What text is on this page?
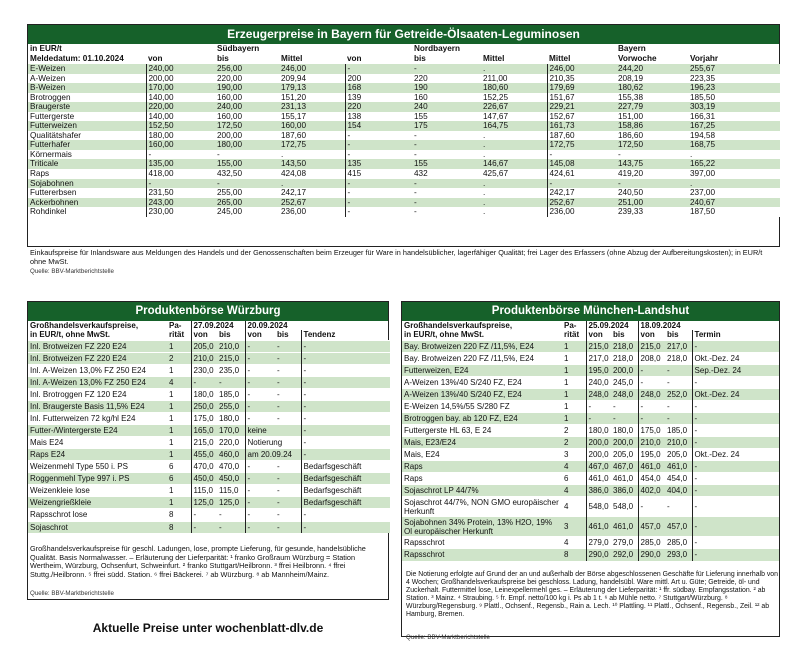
Erzeugerpreise in Bayern für Getreide-Ölsaaten-Leguminosen
in EUR/t		Südbayern			Nordbayern			Bayern	
Meldedatum: 01.10.2024	von	bis	Mittel	von	bis	Mittel	Mittel	Vorwoche	Vorjahr
E-Weizen	240,00	256,00	246,00	-	-	.	246,00	244,20	255,67
A-Weizen	200,00	220,00	209,94	200	220	211,00	210,35	208,19	223,35
B-Weizen	170,00	190,00	179,13	168	190	180,60	179,69	180,62	196,23
Brotroggen	140,00	160,00	151,20	139	160	152,25	151,67	155,38	185,50
Braugerste	220,00	240,00	231,13	220	240	226,67	229,21	227,79	303,19
Futtergerste	140,00	160,00	155,17	138	155	147,67	152,67	151,00	166,31
Futterweizen	152,50	172,50	160,00	154	175	164,75	161,73	158,86	167,25
Qualitätshafer	180,00	200,00	187,60	-	-	.	187,60	186,60	194,58
Futterhafer	160,00	180,00	172,75	-	-	.	172,75	172,50	168,75
Körnermais	-	-	.	-	-	.	-	-	.
Triticale	135,00	155,00	143,50	135	155	146,67	145,08	143,75	165,22
Raps	418,00	432,50	424,08	415	432	425,67	424,61	419,20	397,00
Sojabohnen	-	-	.	-	-	.	-	-	.
Futtererbsen	231,50	255,00	242,17	-	-	.	242,17	240,50	237,00
Ackerbohnen	243,00	265,00	252,67	-	-	.	252,67	251,00	240,67
Rohdinkel	230,00	245,00	236,00	-	-	.	236,00	239,33	187,50
Einkaufspreise für Inlandsware aus Meldungen des Handels und der Genossenschaften beim Erzeuger für Ware in handelsüblicher, lagerfähiger Qualität; frei Lager des Erfassers (ohne Abzug der Aufbereitungskosten); in EUR/t ohne MwSt.
Quelle: BBV-Marktberichtstelle
Produktenbörse Würzburg
Großhandelsverkaufspreise,	Pa-	27.09.2024		20.09.2024		
in EUR/t, ohne MwSt.	rität	von	bis	von	bis	Tendenz
Inl. Brotweizen FZ 220 E24	1	205,0	210,0	-	-	-
Inl. Brotweizen FZ 220 E24	2	210,0	215,0	-	-	-
Inl. A-Weizen 13,0% FZ 250 E24	1	230,0	235,0	-	-	-
Inl. A-Weizen 13,0% FZ 250 E24	4	-	-	-	-	-
Inl. Brotroggen FZ 120 E24	1	180,0	185,0	-	-	-
Inl. Braugerste Basis 11,5% E24	1	250,0	255,0	-	-	-
Inl. Futterweizen 72 kg/hl E24	1	175,0	180,0	-	-	-
Futter-/Wintergerste E24	1	165,0	170,0	keine		-
Mais E24	1	215,0	220,0	Notierung		-
Raps E24	1	455,0	460,0	am 20.09.24		-
Weizenmehl Type 550 i. PS	6	470,0	470,0	-	-	Bedarfsgeschäft
Roggenmehl Type 997 i. PS	6	450,0	450,0	-	-	Bedarfsgeschäft
Weizenkleie lose	1	115,0	115,0	-	-	Bedarfsgeschäft
Weizengrießkleie	1	125,0	125,0	-	-	Bedarfsgeschäft
Rapsschrot lose	8	-	-	-	-	-
Sojaschrot	8	-	-	-	-	-
Großhandelsverkaufspreise für geschl. Ladungen, lose, prompte Lieferung, für gesunde, handelsübliche Qualität. Basis Normalwasser. – Erläuterung der Lieferparität: ¹ franko Großraum Würzburg = Station Wertheim, Würzburg, Ochsenfurt, Schweinfurt. ² franko Stuttgart/Heilbronn. ³ ffrei Heilbronn. ⁴ ffrei Stuttg./Heilbronn. ⁵ ffrei südd. Station. ⁶ ffrei Bäckerei. ⁷ ab Würzburg. ⁸ ab Mannheim/Mainz.
Quelle: BBV-Marktberichtstelle
Produktenbörse München-Landshut
Großhandelsverkaufspreise,	Pa-	25.09.2024		18.09.2024		
in EUR/t, ohne MwSt.	rität	von	bis	von	bis	Termin
Bay. Brotweizen 220 FZ /11,5%, E24	1	215,0	218,0	215,0	217,0	-
Bay. Brotweizen 220 FZ /11,5%, E24	1	217,0	218,0	208,0	218,0	Okt.-Dez. 24
Futterweizen, E24	1	195,0	200,0	-	-	Sep.-Dez. 24
A-Weizen 13%/40 S/240 FZ, E24	1	240,0	245,0	-	-	-
A-Weizen 13%/40 S/240 FZ, E24	1	248,0	248,0	248,0	252,0	Okt.-Dez. 24
E-Weizen 14,5%/55 S/280 FZ	1	-	-	-	-	-
Brotroggen bay. ab 120 FZ, E24	1	-	-	-	-	-
Futtergerste HL 63, E 24	2	180,0	180,0	175,0	185,0	-
Mais, E23/E24	2	200,0	200,0	210,0	210,0	-
Mais, E24	3	200,0	205,0	195,0	205,0	Okt.-Dez. 24
Raps	4	467,0	467,0	461,0	461,0	-
Raps	6	461,0	461,0	454,0	454,0	-
Sojaschrot LP 44/7%	4	386,0	386,0	402,0	404,0	-
Sojaschrot 44/7%, NON GMO europäischer Herkunft	4	548,0	548,0	-	-	-
Sojabohnen 34% Protein, 13% H2O, 19% Ol europäischer Herkunft	3	461,0	461,0	457,0	457,0	-
Rapsschrot	4	279,0	279,0	285,0	285,0	-
Rapsschrot	8	290,0	292,0	290,0	293,0	-
Die Notierung erfolgte auf Grund der an und außerhalb der Börse abgeschlossenen Geschäfte für Lieferung innerhalb von 4 Wochen; Großhandelsverkaufspreise bei geschloss. Ladung, handelsübl. Ware mittl. Art u. Güte; Getreide, öl- und Zuckerhalt. Futtermittel lose, Leinexpellermehl ges. – Erläuterung der Lieferparität: ¹ ffr. südbay. Empfangsstation. ² ab Station. ³ Mainz. ⁴ Straubing. ⁵ fr. Empf. netto/100 kg i. Ps ab 1 t. ⁶ ab Mühle netto. ⁷ Stuttgart/Würzburg. ⁸ Würzburg/Regensburg. ⁹ Plattl., Ochsenf., Regensb., Rain a. Lech. ¹⁰ Plattling. ¹¹ Plattl., Ochsenf., Regensb., Zeil. ¹² ab Hamburg, Bremen.
Quelle: BBV-Marktberichtstelle
Aktuelle Preise unter wochenblatt-dlv.de
